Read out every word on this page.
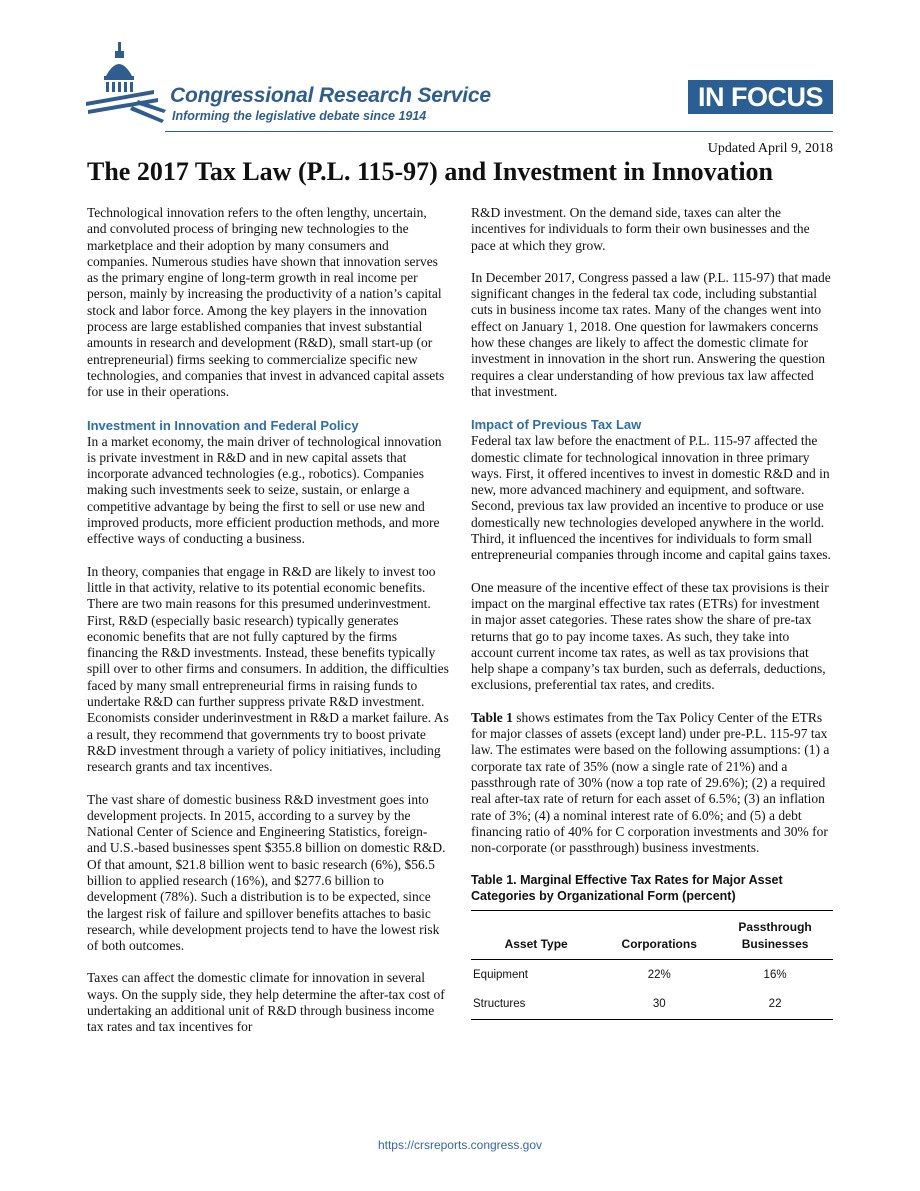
Congressional Research Service
Informing the legislative debate since 1914
IN FOCUS
Updated April 9, 2018
The 2017 Tax Law (P.L. 115-97) and Investment in Innovation

Technological innovation refers to the often lengthy, uncertain, and convoluted process of bringing new technologies to the marketplace and their adoption by many consumers and companies. Numerous studies have shown that innovation serves as the primary engine of long-term growth in real income per person, mainly by increasing the productivity of a nation’s capital stock and labor force. Among the key players in the innovation process are large established companies that invest substantial amounts in research and development (R&D), small start-up (or entrepreneurial) firms seeking to commercialize specific new technologies, and companies that invest in advanced capital assets for use in their operations.

Investment in Innovation and Federal Policy

In a market economy, the main driver of technological innovation is private investment in R&D and in new capital assets that incorporate advanced technologies (e.g., robotics). Companies making such investments seek to seize, sustain, or enlarge a competitive advantage by being the first to sell or use new and improved products, more efficient production methods, and more effective ways of conducting a business.

In theory, companies that engage in R&D are likely to invest too little in that activity, relative to its potential economic benefits. There are two main reasons for this presumed underinvestment. First, R&D (especially basic research) typically generates economic benefits that are not fully captured by the firms financing the R&D investments. Instead, these benefits typically spill over to other firms and consumers. In addition, the difficulties faced by many small entrepreneurial firms in raising funds to undertake R&D can further suppress private R&D investment. Economists consider underinvestment in R&D a market failure. As a result, they recommend that governments try to boost private R&D investment through a variety of policy initiatives, including research grants and tax incentives.

The vast share of domestic business R&D investment goes into development projects. In 2015, according to a survey by the National Center of Science and Engineering Statistics, foreign- and U.S.-based businesses spent $355.8 billion on domestic R&D. Of that amount, $21.8 billion went to basic research (6%), $56.5 billion to applied research (16%), and $277.6 billion to development (78%). Such a distribution is to be expected, since the largest risk of failure and spillover benefits attaches to basic research, while development projects tend to have the lowest risk of both outcomes.

Taxes can affect the domestic climate for innovation in several ways. On the supply side, they help determine the after-tax cost of undertaking an additional unit of R&D through business income tax rates and tax incentives for

R&D investment. On the demand side, taxes can alter the incentives for individuals to form their own businesses and the pace at which they grow.

In December 2017, Congress passed a law (P.L. 115-97) that made significant changes in the federal tax code, including substantial cuts in business income tax rates. Many of the changes went into effect on January 1, 2018. One question for lawmakers concerns how these changes are likely to affect the domestic climate for investment in innovation in the short run. Answering the question requires a clear understanding of how previous tax law affected that investment.

Impact of Previous Tax Law

Federal tax law before the enactment of P.L. 115-97 affected the domestic climate for technological innovation in three primary ways. First, it offered incentives to invest in domestic R&D and in new, more advanced machinery and equipment, and software. Second, previous tax law provided an incentive to produce or use domestically new technologies developed anywhere in the world. Third, it influenced the incentives for individuals to form small entrepreneurial companies through income and capital gains taxes.

One measure of the incentive effect of these tax provisions is their impact on the marginal effective tax rates (ETRs) for investment in major asset categories. These rates show the share of pre-tax returns that go to pay income taxes. As such, they take into account current income tax rates, as well as tax provisions that help shape a company’s tax burden, such as deferrals, deductions, exclusions, preferential tax rates, and credits.

Table 1 shows estimates from the Tax Policy Center of the ETRs for major classes of assets (except land) under pre-P.L. 115-97 tax law. The estimates were based on the following assumptions: (1) a corporate tax rate of 35% (now a single rate of 21%) and a passthrough rate of 30% (now a top rate of 29.6%); (2) a required real after-tax rate of return for each asset of 6.5%; (3) an inflation rate of 3%; (4) a nominal interest rate of 6.0%; and (5) a debt financing ratio of 40% for C corporation investments and 30% for non-corporate (or passthrough) business investments.

Table 1. Marginal Effective Tax Rates for Major Asset Categories by Organizational Form (percent)
Asset Type	Corporations	Passthrough Businesses
Equipment	22%	16%
Structures	30	22
https://crsreports.congress.gov
